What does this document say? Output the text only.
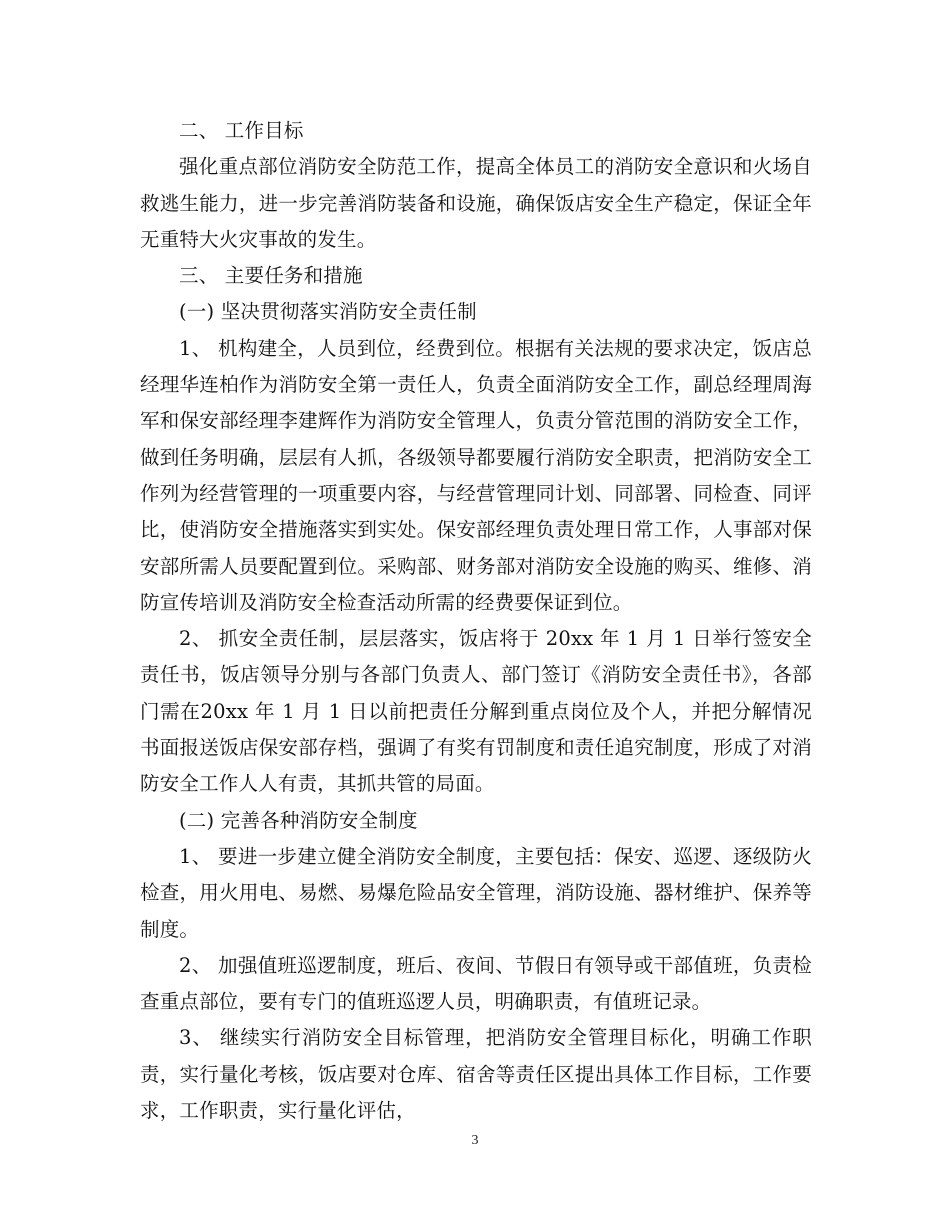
二、 工作目标

强化重点部位消防安全防范工作，提高全体员工的消防安全意识和火场自救逃生能力，进一步完善消防装备和设施，确保饭店安全生产稳定，保证全年无重特大火灾事故的发生。

三、 主要任务和措施

(一) 坚决贯彻落实消防安全责任制

1、 机构建全，人员到位，经费到位。根据有关法规的要求决定，饭店总经理华连柏作为消防安全第一责任人，负责全面消防安全工作，副总经理周海军和保安部经理李建辉作为消防安全管理人，负责分管范围的消防安全工作，做到任务明确，层层有人抓，各级领导都要履行消防安全职责，把消防安全工作列为经营管理的一项重要内容，与经营管理同计划、同部署、同检查、同评比，使消防安全措施落实到实处。保安部经理负责处理日常工作，人事部对保安部所需人员要配置到位。采购部、财务部对消防安全设施的购买、维修、消防宣传培训及消防安全检查活动所需的经费要保证到位。

2、 抓安全责任制，层层落实，饭店将于 20xx 年 1 月 1 日举行签安全责任书，饭店领导分别与各部门负责人、部门签订《消防安全责任书》，各部门需在20xx 年 1 月 1 日以前把责任分解到重点岗位及个人，并把分解情况书面报送饭店保安部存档，强调了有奖有罚制度和责任追究制度，形成了对消防安全工作人人有责，其抓共管的局面。

(二) 完善各种消防安全制度

1、 要进一步建立健全消防安全制度，主要包括：保安、巡逻、逐级防火检查，用火用电、易燃、易爆危险品安全管理，消防设施、器材维护、保养等制度。

2、 加强值班巡逻制度，班后、夜间、节假日有领导或干部值班，负责检查重点部位，要有专门的值班巡逻人员，明确职责，有值班记录。

3、 继续实行消防安全目标管理，把消防安全管理目标化，明确工作职责，实行量化考核，饭店要对仓库、宿舍等责任区提出具体工作目标，工作要求，工作职责，实行量化评估，

3
